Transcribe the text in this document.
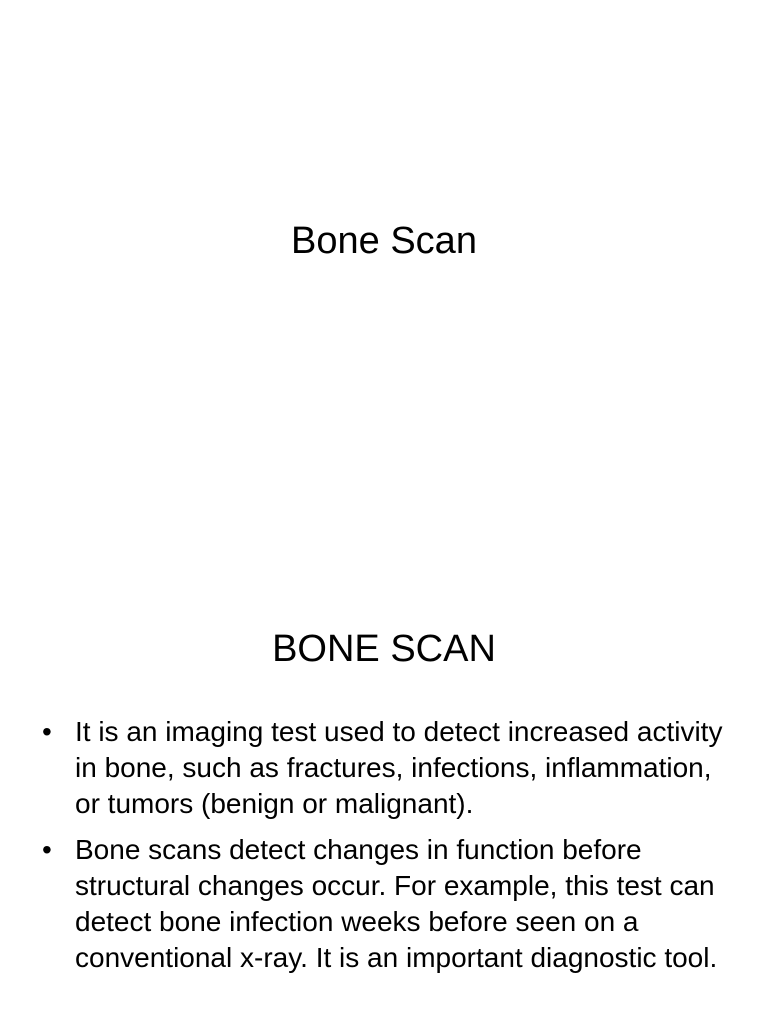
Bone Scan
BONE SCAN
• It is an imaging test used to detect increased activity in bone, such as fractures, infections, inflammation, or tumors (benign or malignant).
• Bone scans detect changes in function before structural changes occur. For example, this test can detect bone infection weeks before seen on a conventional x-ray. It is an important diagnostic tool.
